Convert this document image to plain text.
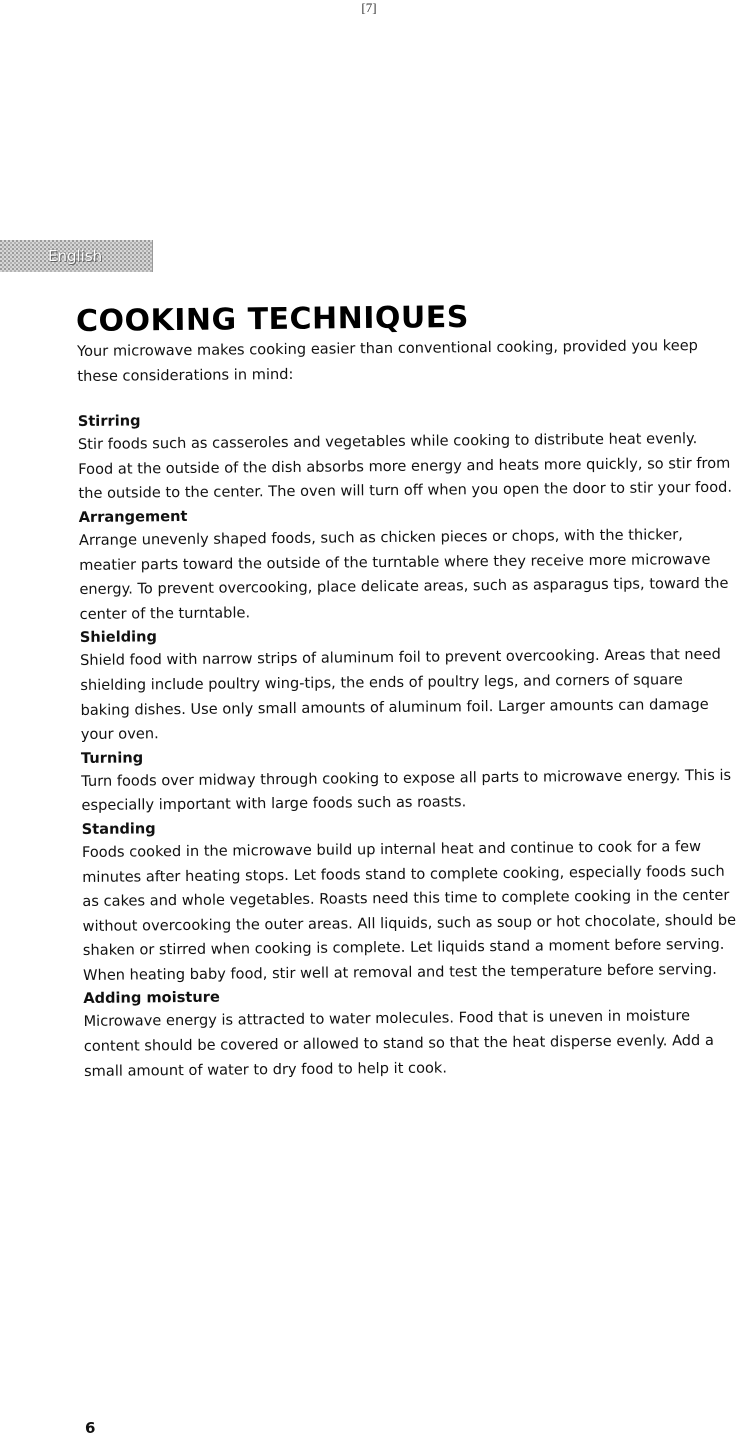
[7]
English
COOKING TECHNIQUES

Your microwave makes cooking easier than conventional cooking, provided you keep these considerations in mind:

Stirring

Stir foods such as casseroles and vegetables while cooking to distribute heat evenly. Food at the outside of the dish absorbs more energy and heats more quickly, so stir from the outside to the center. The oven will turn off when you open the door to stir your food.

Arrangement

Arrange unevenly shaped foods, such as chicken pieces or chops, with the thicker, meatier parts toward the outside of the turntable where they receive more microwave energy. To prevent overcooking, place delicate areas, such as asparagus tips, toward the center of the turntable.

Shielding

Shield food with narrow strips of aluminum foil to prevent overcooking. Areas that need shielding include poultry wing-tips, the ends of poultry legs, and corners of square baking dishes. Use only small amounts of aluminum foil. Larger amounts can damage your oven.

Turning

Turn foods over midway through cooking to expose all parts to microwave energy. This is especially important with large foods such as roasts.

Standing

Foods cooked in the microwave build up internal heat and continue to cook for a few minutes after heating stops. Let foods stand to complete cooking, especially foods such as cakes and whole vegetables. Roasts need this time to complete cooking in the center without overcooking the outer areas. All liquids, such as soup or hot chocolate, should be shaken or stirred when cooking is complete. Let liquids stand a moment before serving. When heating baby food, stir well at removal and test the temperature before serving.

Adding moisture

Microwave energy is attracted to water molecules. Food that is uneven in moisture content should be covered or allowed to stand so that the heat disperse evenly. Add a small amount of water to dry food to help it cook.

6
